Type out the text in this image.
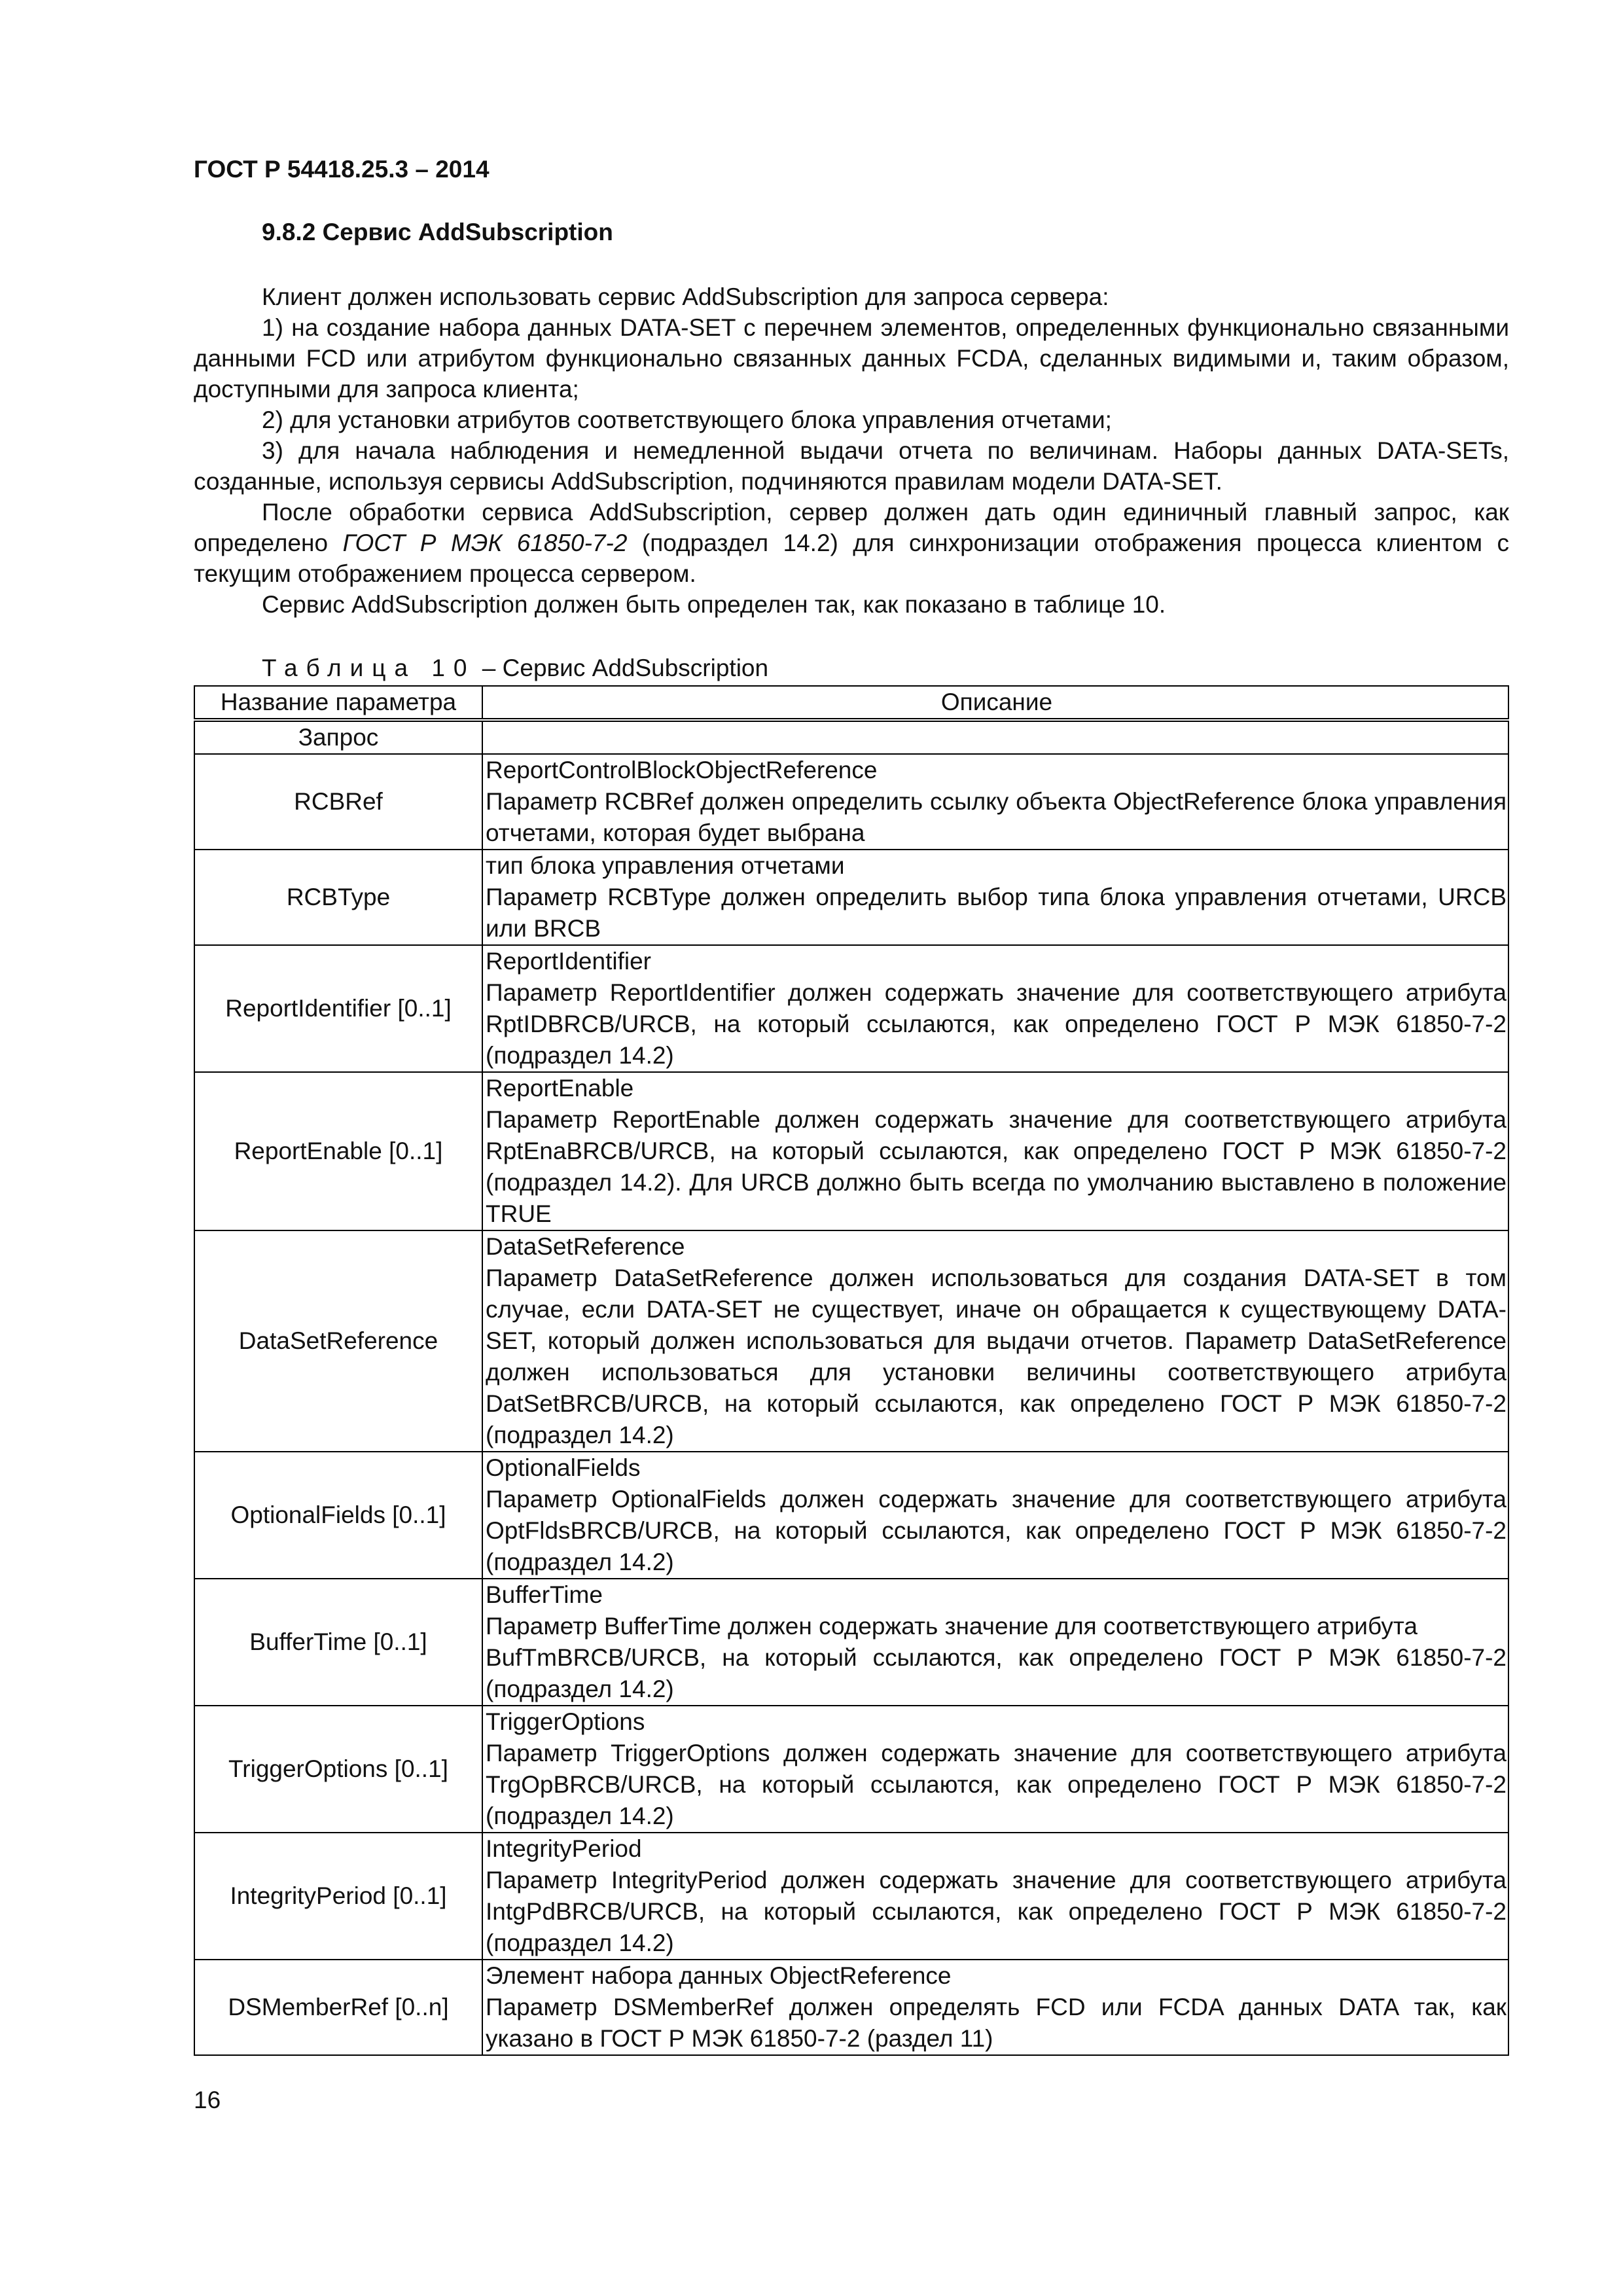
ГОСТ Р 54418.25.3 – 2014
9.8.2 Сервис AddSubscription

Клиент должен использовать сервис AddSubscription для запроса сервера:

1) на создание набора данных DATA-SET с перечнем элементов, определенных функционально связанными данными FCD или атрибутом функционально связанных данных FCDA, сделанных видимыми и, таким образом, доступными для запроса клиента;

2) для установки атрибутов соответствующего блока управления отчетами;

3) для начала наблюдения и немедленной выдачи отчета по величинам. Наборы данных DATA-SETs, созданные, используя сервисы AddSubscription, подчиняются правилам модели DATA-SET.

После обработки сервиса AddSubscription, сервер должен дать один единичный главный запрос, как определено ГОСТ Р МЭК 61850-7-2 (подраздел 14.2) для синхронизации отображения процесса клиентом с текущим отображением процесса сервером.

Сервис AddSubscription должен быть определен так, как показано в таблице 10.

Таблица 10 – Сервис AddSubscription
Название параметра	Описание
Запрос	
RCBRef	ReportControlBlockObjectReference
Параметр RCBRef должен определить ссылку объекта ObjectReference блока управления отчетами, которая будет выбрана

RCBType	тип блока управления отчетами
Параметр RCBType должен определить выбор типа блока управления отчетами, URCB или BRCB

ReportIdentifier [0..1]	ReportIdentifier
Параметр ReportIdentifier должен содержать значение для соответствующего атрибута RptIDBRCB/URCB, на который ссылаются, как определено ГОСТ Р МЭК 61850-7-2 (подраздел 14.2)

ReportEnable [0..1]	ReportEnable
Параметр ReportEnable должен содержать значение для соответствующего атрибута RptEnaBRCB/URCB, на который ссылаются, как определено ГОСТ Р МЭК 61850-7-2 (подраздел 14.2). Для URCB должно быть всегда по умолчанию выставлено в положение TRUE

DataSetReference	DataSetReference
Параметр DataSetReference должен использоваться для создания DATA-SET в том случае, если DATA-SET не существует, иначе он обращается к существующему DATA-SET, который должен использоваться для выдачи отчетов. Параметр DataSetReference должен использоваться для установки величины соответствующего атрибута DatSetBRCB/URCB, на который ссылаются, как определено ГОСТ Р МЭК 61850-7-2 (подраздел 14.2)

OptionalFields [0..1]	OptionalFields
Параметр OptionalFields должен содержать значение для соответствующего атрибута OptFldsBRCB/URCB, на который ссылаются, как определено ГОСТ Р МЭК 61850-7-2 (подраздел 14.2)

BufferTime [0..1]	BufferTime
Параметр BufferTime должен содержать значение для соответствующего атрибута
BufTmBRCB/URCB, на который ссылаются, как определено ГОСТ Р МЭК 61850-7-2 (подраздел 14.2)

TriggerOptions [0..1]	TriggerOptions
Параметр TriggerOptions должен содержать значение для соответствующего атрибута TrgOpBRCB/URCB, на который ссылаются, как определено ГОСТ Р МЭК 61850-7-2 (подраздел 14.2)

IntegrityPeriod [0..1]	IntegrityPeriod
Параметр IntegrityPeriod должен содержать значение для соответствующего атрибута IntgPdBRCB/URCB, на который ссылаются, как определено ГОСТ Р МЭК 61850-7-2 (подраздел 14.2)

DSMemberRef [0..n]	Элемент набора данных ObjectReference
Параметр DSMemberRef должен определять FCD или FCDA данных DATA так, как указано в ГОСТ Р МЭК 61850-7-2 (раздел 11)
16
